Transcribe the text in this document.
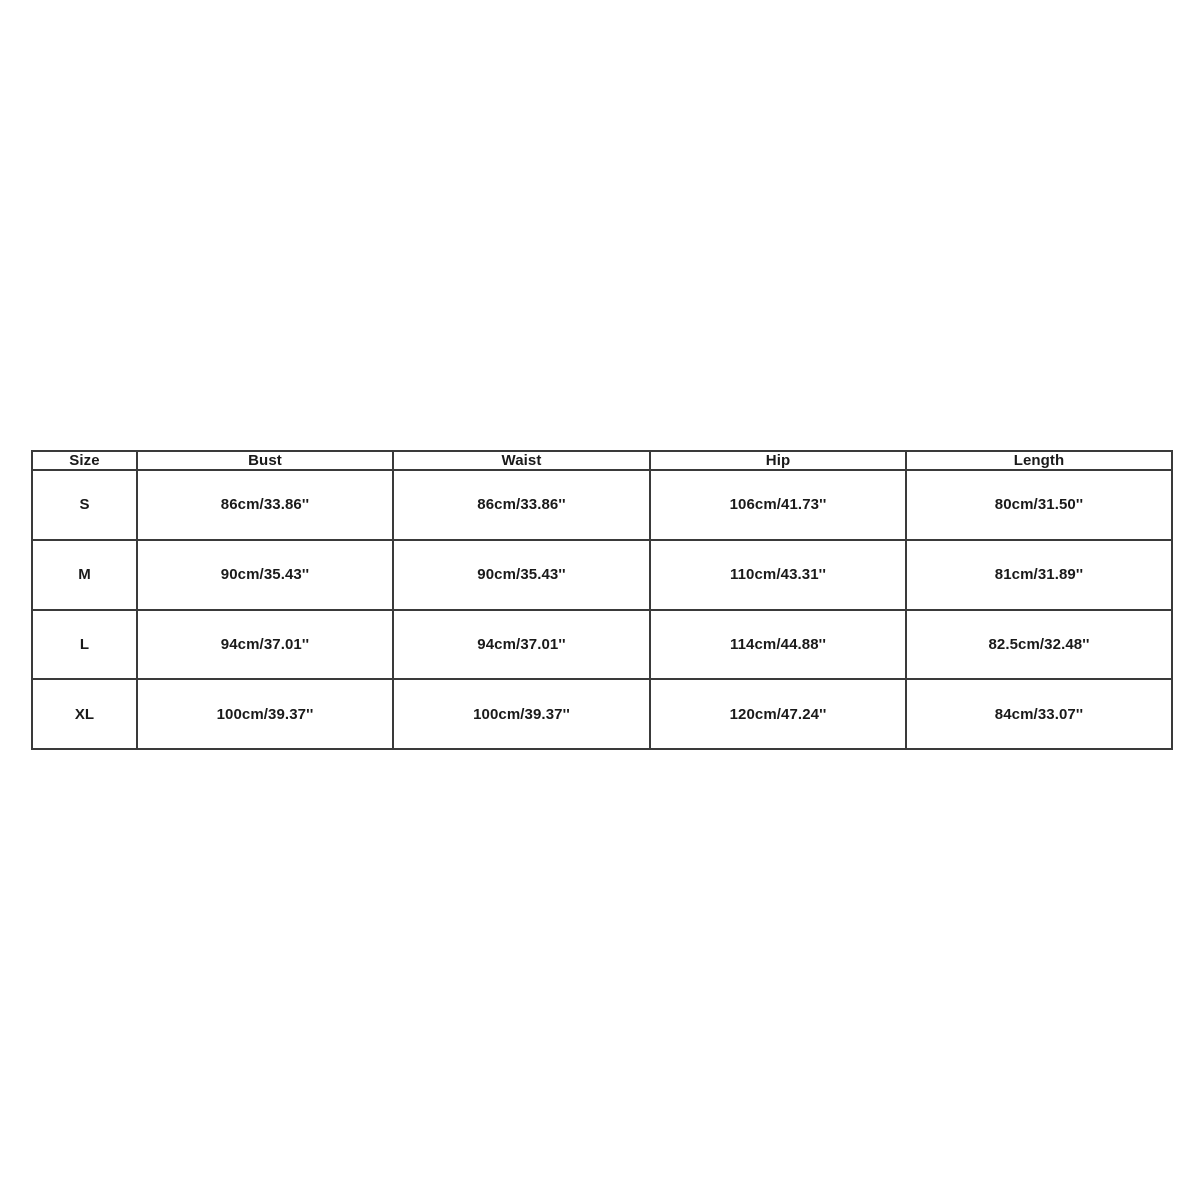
Size	Bust	Waist	Hip	Length
S	86cm/33.86''	86cm/33.86''	106cm/41.73''	80cm/31.50''
M	90cm/35.43''	90cm/35.43''	110cm/43.31''	81cm/31.89''
L	94cm/37.01''	94cm/37.01''	114cm/44.88''	82.5cm/32.48''
XL	100cm/39.37''	100cm/39.37''	120cm/47.24''	84cm/33.07''
